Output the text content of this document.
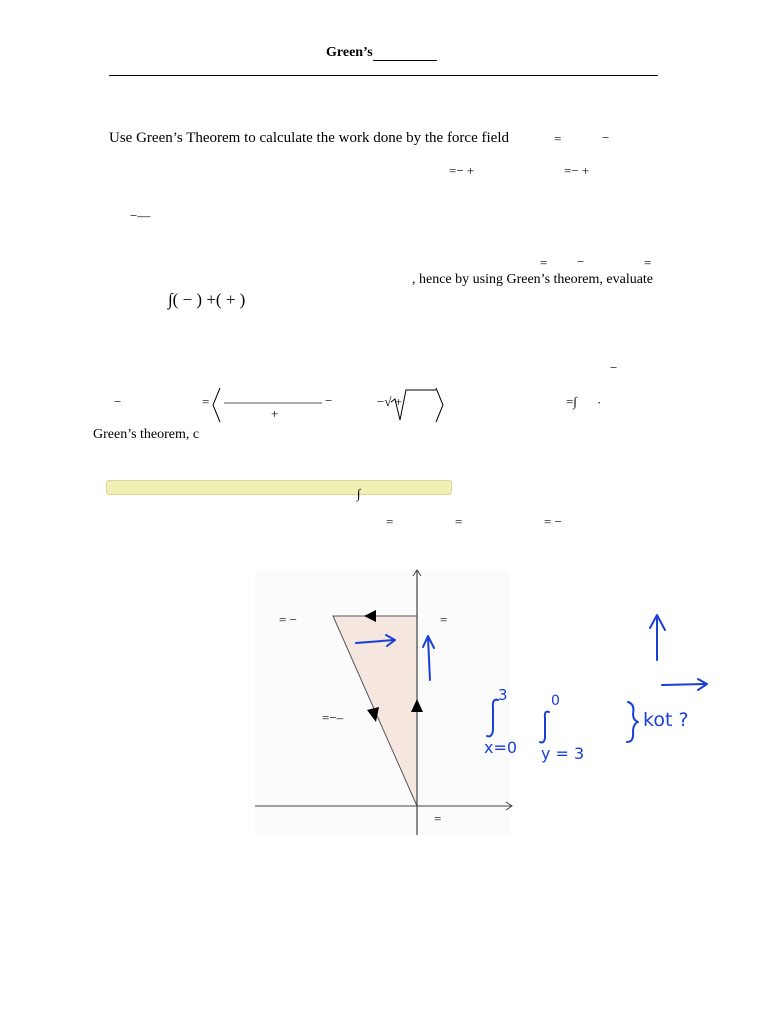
Green’s
Use Green’s Theorem to calculate the work done by the force field	=	−
=− +	=− +
−—
= −	=
, hence by using Green’s theorem, evaluate
∫( − ) +( + )
−
−	=	−
+
−√ +	=∫ ·
Green’s theorem, c
∫
=	=	= −
= −	=
=−–
=
3
x=0
0
y = 3
kot ?
